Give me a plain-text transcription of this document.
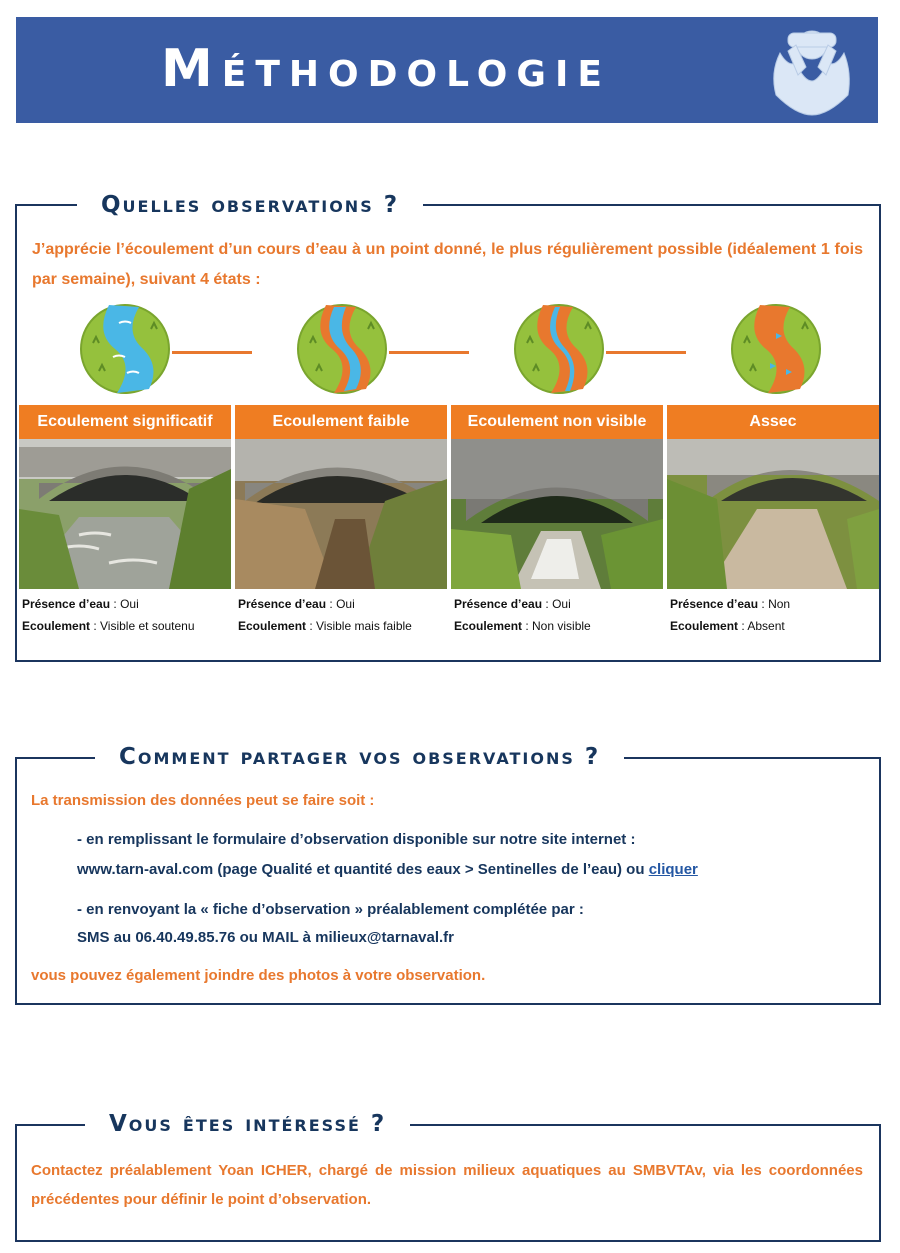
Méthodologie
Quelles observations ?
J’apprécie l’écoulement d’un cours d’eau à un point donné, le plus régulièrement possible (idéalement 1 fois par semaine), suivant 4 états :
Ecoulement significatif
Présence d’eau : Oui
Ecoulement : Visible et soutenu
Ecoulement faible
Présence d’eau : Oui
Ecoulement : Visible mais faible
Ecoulement non visible
Présence d’eau : Oui
Ecoulement : Non visible
Assec
Présence d’eau : Non
Ecoulement : Absent
Comment partager vos observations ?
La transmission des données peut se faire soit :
- en remplissant le formulaire d’observation disponible sur notre site internet :
www.tarn-aval.com (page Qualité et quantité des eaux > Sentinelles de l’eau) ou cliquer
- en renvoyant la « fiche d’observation » préalablement complétée par :
SMS au 06.40.49.85.76 ou MAIL à milieux@tarnaval.fr
vous pouvez également joindre des photos à votre observation.
Vous êtes intéressé ?
Contactez préalablement Yoan ICHER, chargé de mission milieux aquatiques au SMBVTAv, via les coordonnées précédentes pour définir le point d’observation.
